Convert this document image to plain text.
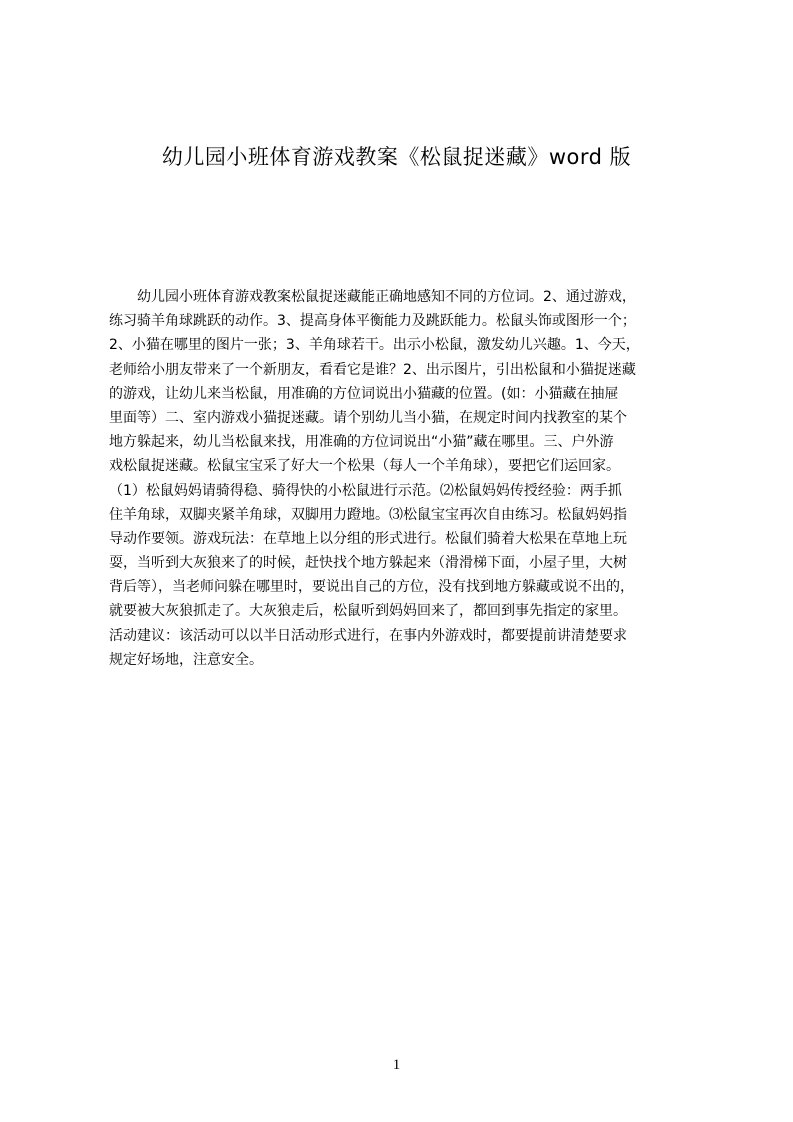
幼儿园小班体育游戏教案《松鼠捉迷藏》word 版
幼儿园小班体育游戏教案松鼠捉迷藏能正确地感知不同的方位词。2、通过游戏，
练习骑羊角球跳跃的动作。3、提高身体平衡能力及跳跃能力。松鼠头饰或图形一个；
2、小猫在哪里的图片一张；3、羊角球若干。出示小松鼠，激发幼儿兴趣。1、今天，
老师给小朋友带来了一个新朋友，看看它是谁？2、出示图片，引出松鼠和小猫捉迷藏
的游戏，让幼儿来当松鼠，用准确的方位词说出小猫藏的位置。(如：小猫藏在抽屉
里面等）二、室内游戏小猫捉迷藏。请个别幼儿当小猫，在规定时间内找教室的某个
地方躲起来，幼儿当松鼠来找，用准确的方位词说出“小猫”藏在哪里。三、户外游
戏松鼠捉迷藏。松鼠宝宝采了好大一个松果（每人一个羊角球），要把它们运回家。
（1）松鼠妈妈请骑得稳、骑得快的小松鼠进行示范。⑵松鼠妈妈传授经验：两手抓
住羊角球，双脚夹紧羊角球，双脚用力蹬地。⑶松鼠宝宝再次自由练习。松鼠妈妈指
导动作要领。游戏玩法：在草地上以分组的形式进行。松鼠们骑着大松果在草地上玩
耍，当听到大灰狼来了的时候，赶快找个地方躲起来（滑滑梯下面，小屋子里，大树
背后等），当老师问躲在哪里时，要说出自己的方位，没有找到地方躲藏或说不出的，
就要被大灰狼抓走了。大灰狼走后，松鼠听到妈妈回来了，都回到事先指定的家里。
活动建议：该活动可以以半日活动形式进行，在事内外游戏时，都要提前讲清楚要求
规定好场地，注意安全。
1
